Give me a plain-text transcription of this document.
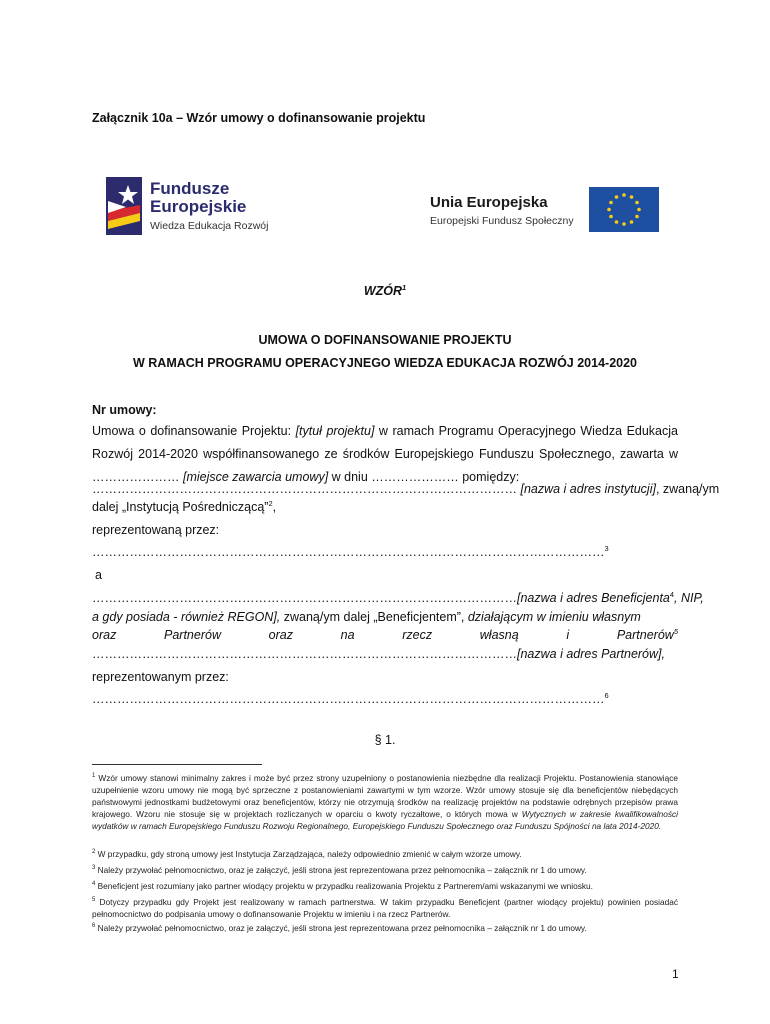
Załącznik 10a – Wzór umowy o dofinansowanie projektu
Fundusze
Europejskie
Wiedza Edukacja Rozwój
Unia Europejska
Europejski Fundusz Społeczny
WZÓR$^1$
UMOWA O DOFINANSOWANIE PROJEKTU
W RAMACH PROGRAMU OPERACYJNEGO WIEDZA EDUKACJA ROZWÓJ 2014-2020
Nr umowy:
Umowa o dofinansowanie Projektu: [tytuł projektu] w ramach Programu Operacyjnego Wiedza Edukacja Rozwój 2014-2020 współfinansowanego ze środków Europejskiego Funduszu Społecznego, zawarta w ………………… [miejsce zawarcia umowy] w dniu ………………… pomiędzy:
………………………………………………………………………………………… [nazwa i adres instytucji], zwaną/ym
dalej „Instytucją Pośredniczącą”$^2$,
reprezentowaną przez:
……………………………………………………………………………………………………………$^3$
a
…………………………………………………………………………………………[nazwa i adres Beneficjenta$^4$, NIP,
a gdy posiada - również REGON], zwaną/ym dalej „Beneficjentem”, działającym w imieniu własnym
oraz	Partnerów	oraz	na	rzecz	własną	i	Partnerów$^5$
…………………………………………………………………………………………[nazwa i adres Partnerów],
reprezentowanym przez:
……………………………………………………………………………………………………………$^6$
§ 1.
$^1$ Wzór umowy stanowi minimalny zakres i może być przez strony uzupełniony o postanowienia niezbędne dla realizacji Projektu. Postanowienia stanowiące uzupełnienie wzoru umowy nie mogą być sprzeczne z postanowieniami zawartymi w tym wzorze. Wzór umowy stosuje się dla beneficjentów niebędących państwowymi jednostkami budżetowymi oraz beneficjentów, którzy nie otrzymują środków na realizację projektów na podstawie odrębnych przepisów prawa krajowego. Wzoru nie stosuje się w projektach rozliczanych w oparciu o kwoty ryczałtowe, o których mowa w Wytycznych w zakresie kwalifikowalności wydatków w ramach Europejskiego Funduszu Rozwoju Regionalnego, Europejskiego Funduszu Społecznego oraz Funduszu Spójności na lata 2014-2020.
$^2$ W przypadku, gdy stroną umowy jest Instytucja Zarządzająca, należy odpowiednio zmienić w całym wzorze umowy.
$^3$ Należy przywołać pełnomocnictwo, oraz je załączyć, jeśli strona jest reprezentowana przez pełnomocnika – załącznik nr 1 do umowy.
$^4$ Beneficjent jest rozumiany jako partner wiodący projektu w przypadku realizowania Projektu z Partnerem/ami wskazanymi we wniosku.
$^5$ Dotyczy przypadku gdy Projekt jest realizowany w ramach partnerstwa. W takim przypadku Beneficjent (partner wiodący projektu) powinien posiadać pełnomocnictwo do podpisania umowy o dofinansowanie Projektu w imieniu i na rzecz Partnerów.
$^6$ Należy przywołać pełnomocnictwo, oraz je załączyć, jeśli strona jest reprezentowana przez pełnomocnika – załącznik nr 1 do umowy.
1
